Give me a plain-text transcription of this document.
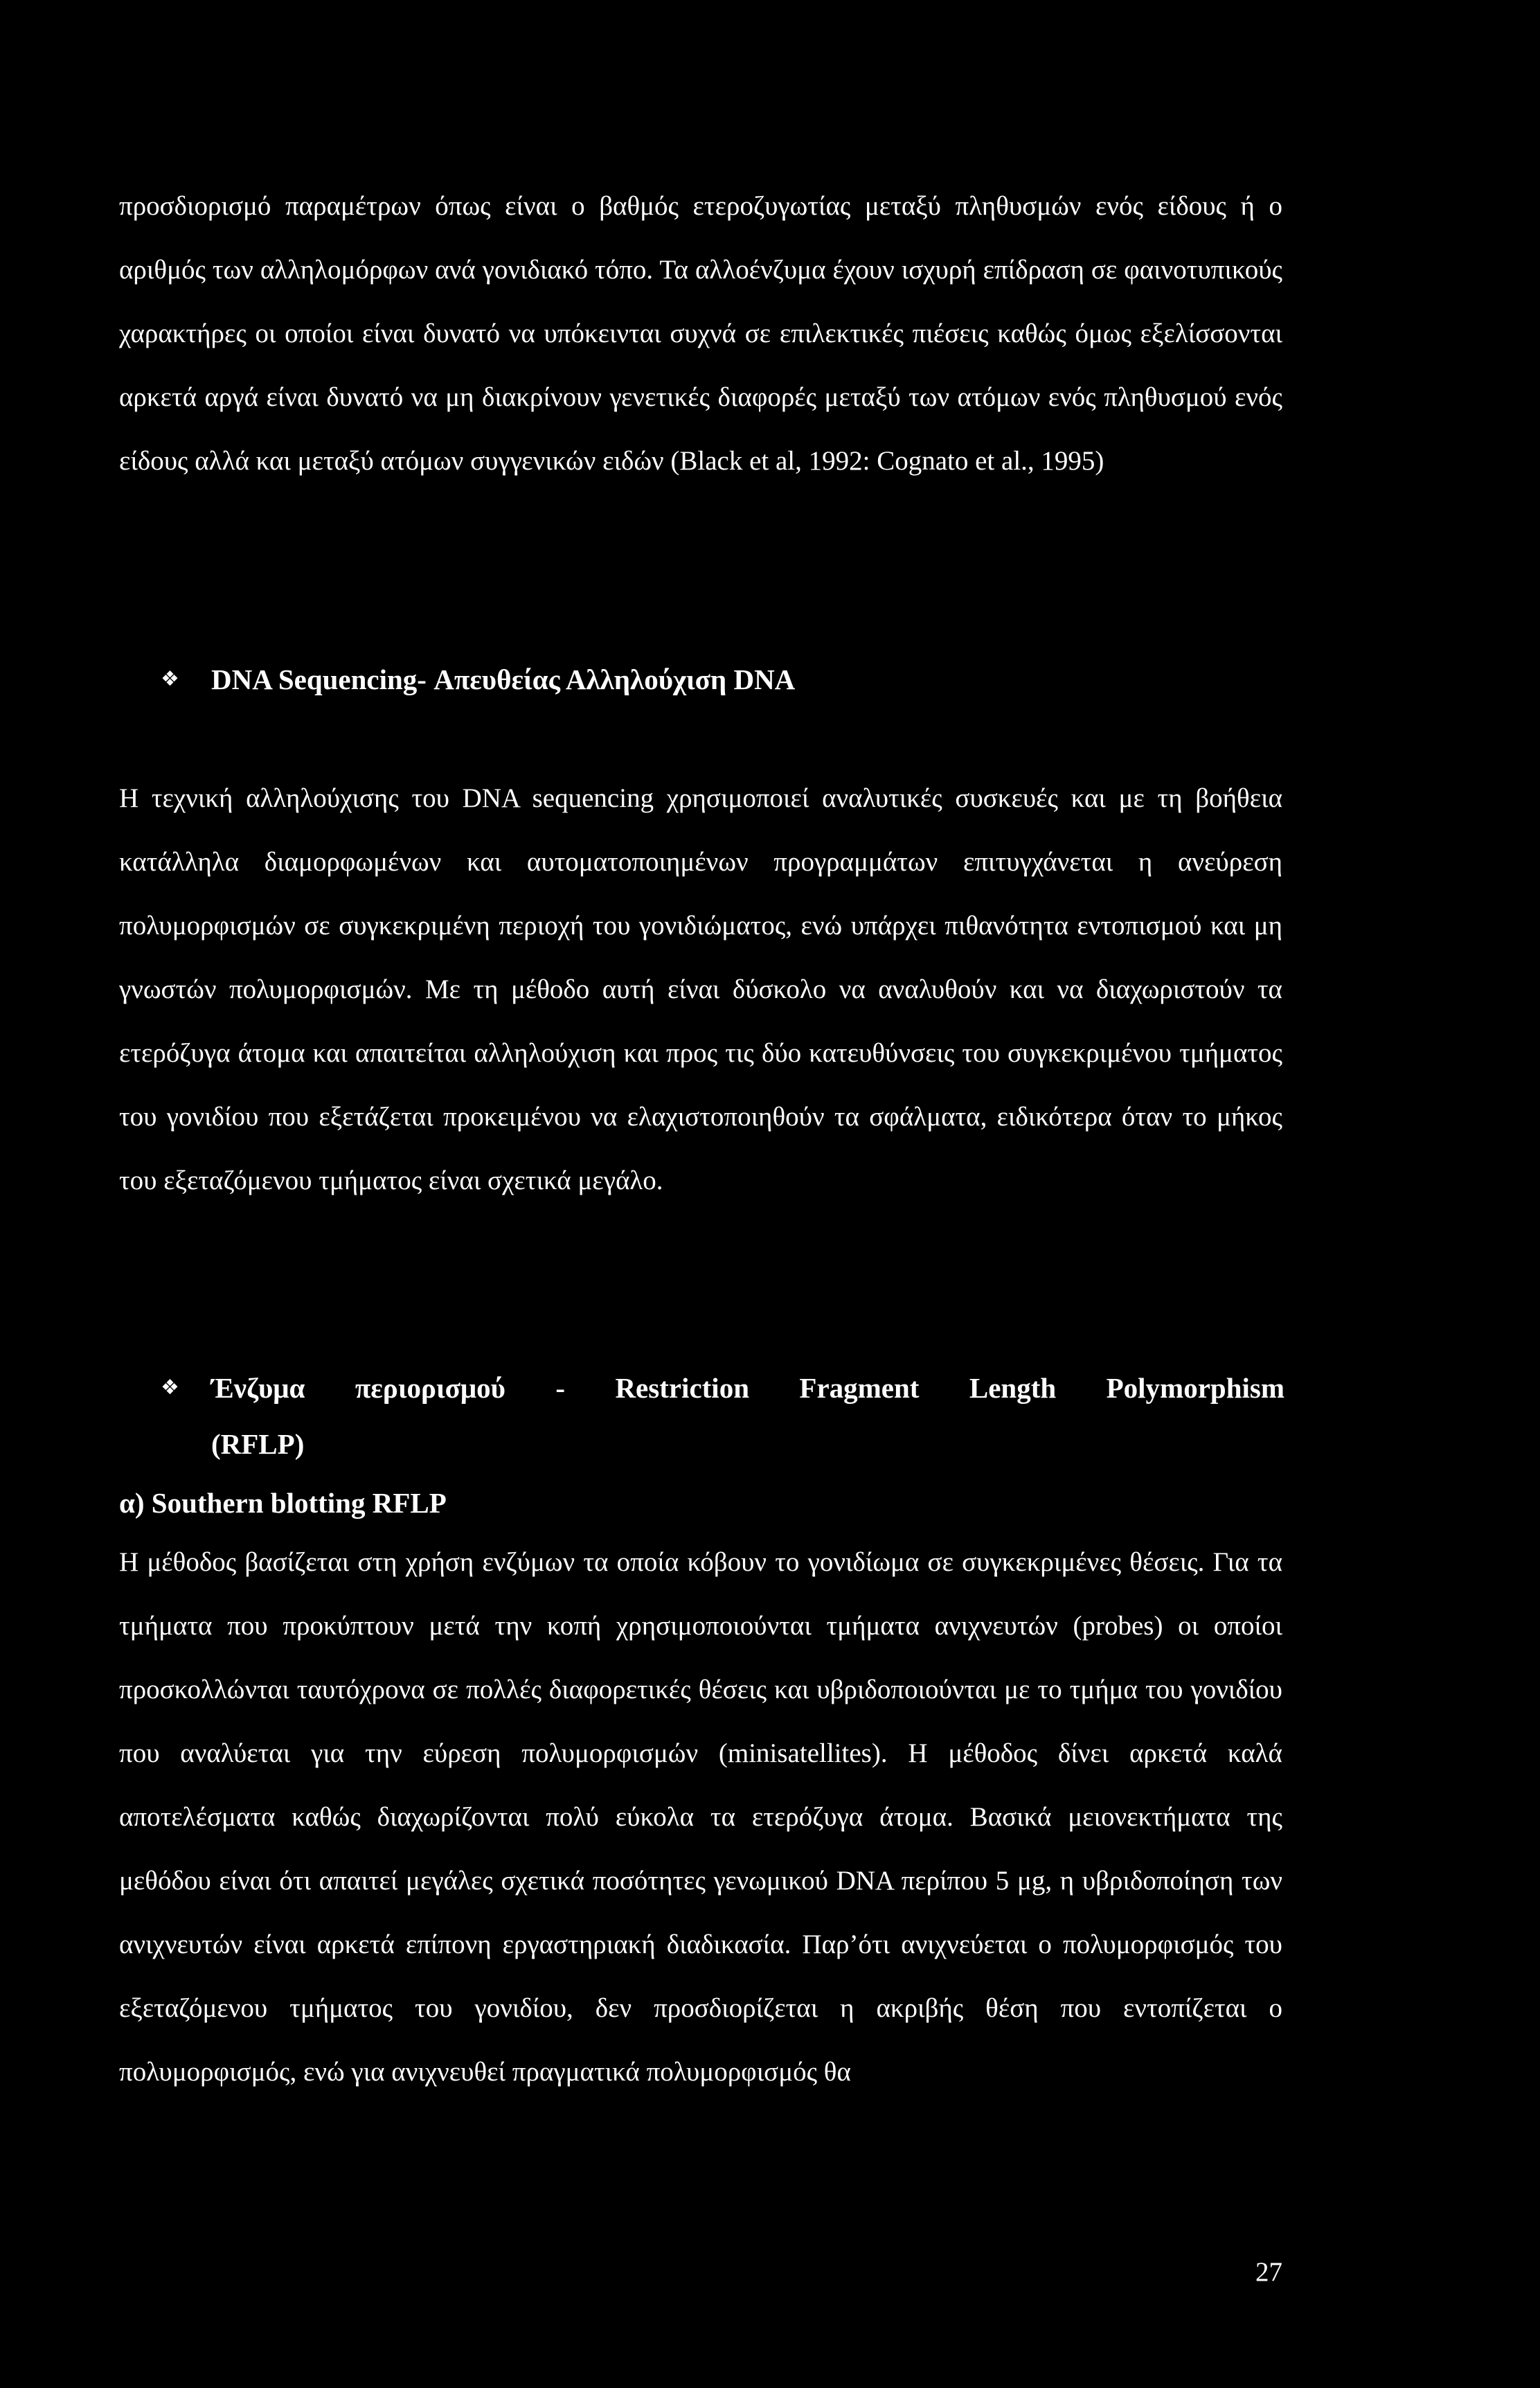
προσδιορισμό παραμέτρων όπως είναι ο βαθμός ετεροζυγωτίας μεταξύ πληθυσμών ενός είδους ή ο αριθμός των αλληλομόρφων ανά γονιδιακό τόπο. Τα αλλοένζυμα έχουν ισχυρή επίδραση σε φαινοτυπικούς χαρακτήρες οι οποίοι είναι δυνατό να υπόκεινται συχνά σε επιλεκτικές πιέσεις καθώς όμως εξελίσσονται αρκετά αργά είναι δυνατό να μη διακρίνουν γενετικές διαφορές μεταξύ των ατόμων ενός πληθυσμού ενός είδους αλλά και μεταξύ ατόμων συγγενικών ειδών (Black et al, 1992: Cognato et al., 1995)

❖ DNA Sequencing- Απευθείας Αλληλούχιση DNA

Η τεχνική αλληλούχισης του DNA sequencing χρησιμοποιεί αναλυτικές συσκευές και με τη βοήθεια κατάλληλα διαμορφωμένων και αυτοματοποιημένων προγραμμάτων επιτυγχάνεται η ανεύρεση πολυμορφισμών σε συγκεκριμένη περιοχή του γονιδιώματος, ενώ υπάρχει πιθανότητα εντοπισμού και μη γνωστών πολυμορφισμών. Με τη μέθοδο αυτή είναι δύσκολο να αναλυθούν και να διαχωριστούν τα ετερόζυγα άτομα και απαιτείται αλληλούχιση και προς τις δύο κατευθύνσεις του συγκεκριμένου τμήματος του γονιδίου που εξετάζεται προκειμένου να ελαχιστοποιηθούν τα σφάλματα, ειδικότερα όταν το μήκος του εξεταζόμενου τμήματος είναι σχετικά μεγάλο.

❖ Ένζυμα περιορισμού - Restriction Fragment Length Polymorphism
(RFLP)
α) Southern blotting RFLP

Η μέθοδος βασίζεται στη χρήση ενζύμων τα οποία κόβουν το γονιδίωμα σε συγκεκριμένες θέσεις. Για τα τμήματα που προκύπτουν μετά την κοπή χρησιμοποιούνται τμήματα ανιχνευτών (probes) οι οποίοι προσκολλώνται ταυτόχρονα σε πολλές διαφορετικές θέσεις και υβριδοποιούνται με το τμήμα του γονιδίου που αναλύεται για την εύρεση πολυμορφισμών (minisatellites). Η μέθοδος δίνει αρκετά καλά αποτελέσματα καθώς διαχωρίζονται πολύ εύκολα τα ετερόζυγα άτομα. Βασικά μειονεκτήματα της μεθόδου είναι ότι απαιτεί μεγάλες σχετικά ποσότητες γενωμικού DNA περίπου 5 μg, η υβριδοποίηση των ανιχνευτών είναι αρκετά επίπονη εργαστηριακή διαδικασία. Παρ’ότι ανιχνεύεται ο πολυμορφισμός του εξεταζόμενου τμήματος του γονιδίου, δεν προσδιορίζεται η ακριβής θέση που εντοπίζεται ο πολυμορφισμός, ενώ για ανιχνευθεί πραγματικά πολυμορφισμός θα

27
